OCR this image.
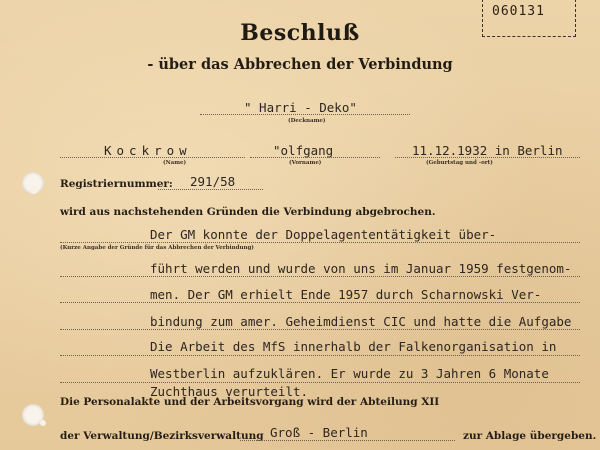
060131
Beschluß
- über das Abbrechen der Verbindung
" Harri - Deko"
(Deckname)
Kockrow
(Name)
"olfgang
(Vorname)
11.12.1932 in Berlin
(Geburtstag und -ort)
Registriernummer: 291/58
wird aus nachstehenden Gründen die Verbindung abgebrochen.
Der GM konnte der Doppelagententätigkeit über-
(Kurze Angabe der Gründe für das Abbrechen der Verbindung)
führt werden und wurde von uns im Januar 1959 festgenom-
men. Der GM erhielt Ende 1957 durch Scharnowski Ver-
bindung zum amer. Geheimdienst CIC und hatte die Aufgabe
Die Arbeit des MfS innerhalb der Falkenorganisation in
Westberlin aufzuklären. Er wurde zu 3 Jahren 6 Monate
Zuchthaus verurteilt.
Die Personalakte und der Arbeitsvorgang wird der Abteilung XII
der Verwaltung/Bezirksverwaltung Groß - Berlin	zur Ablage übergeben.
